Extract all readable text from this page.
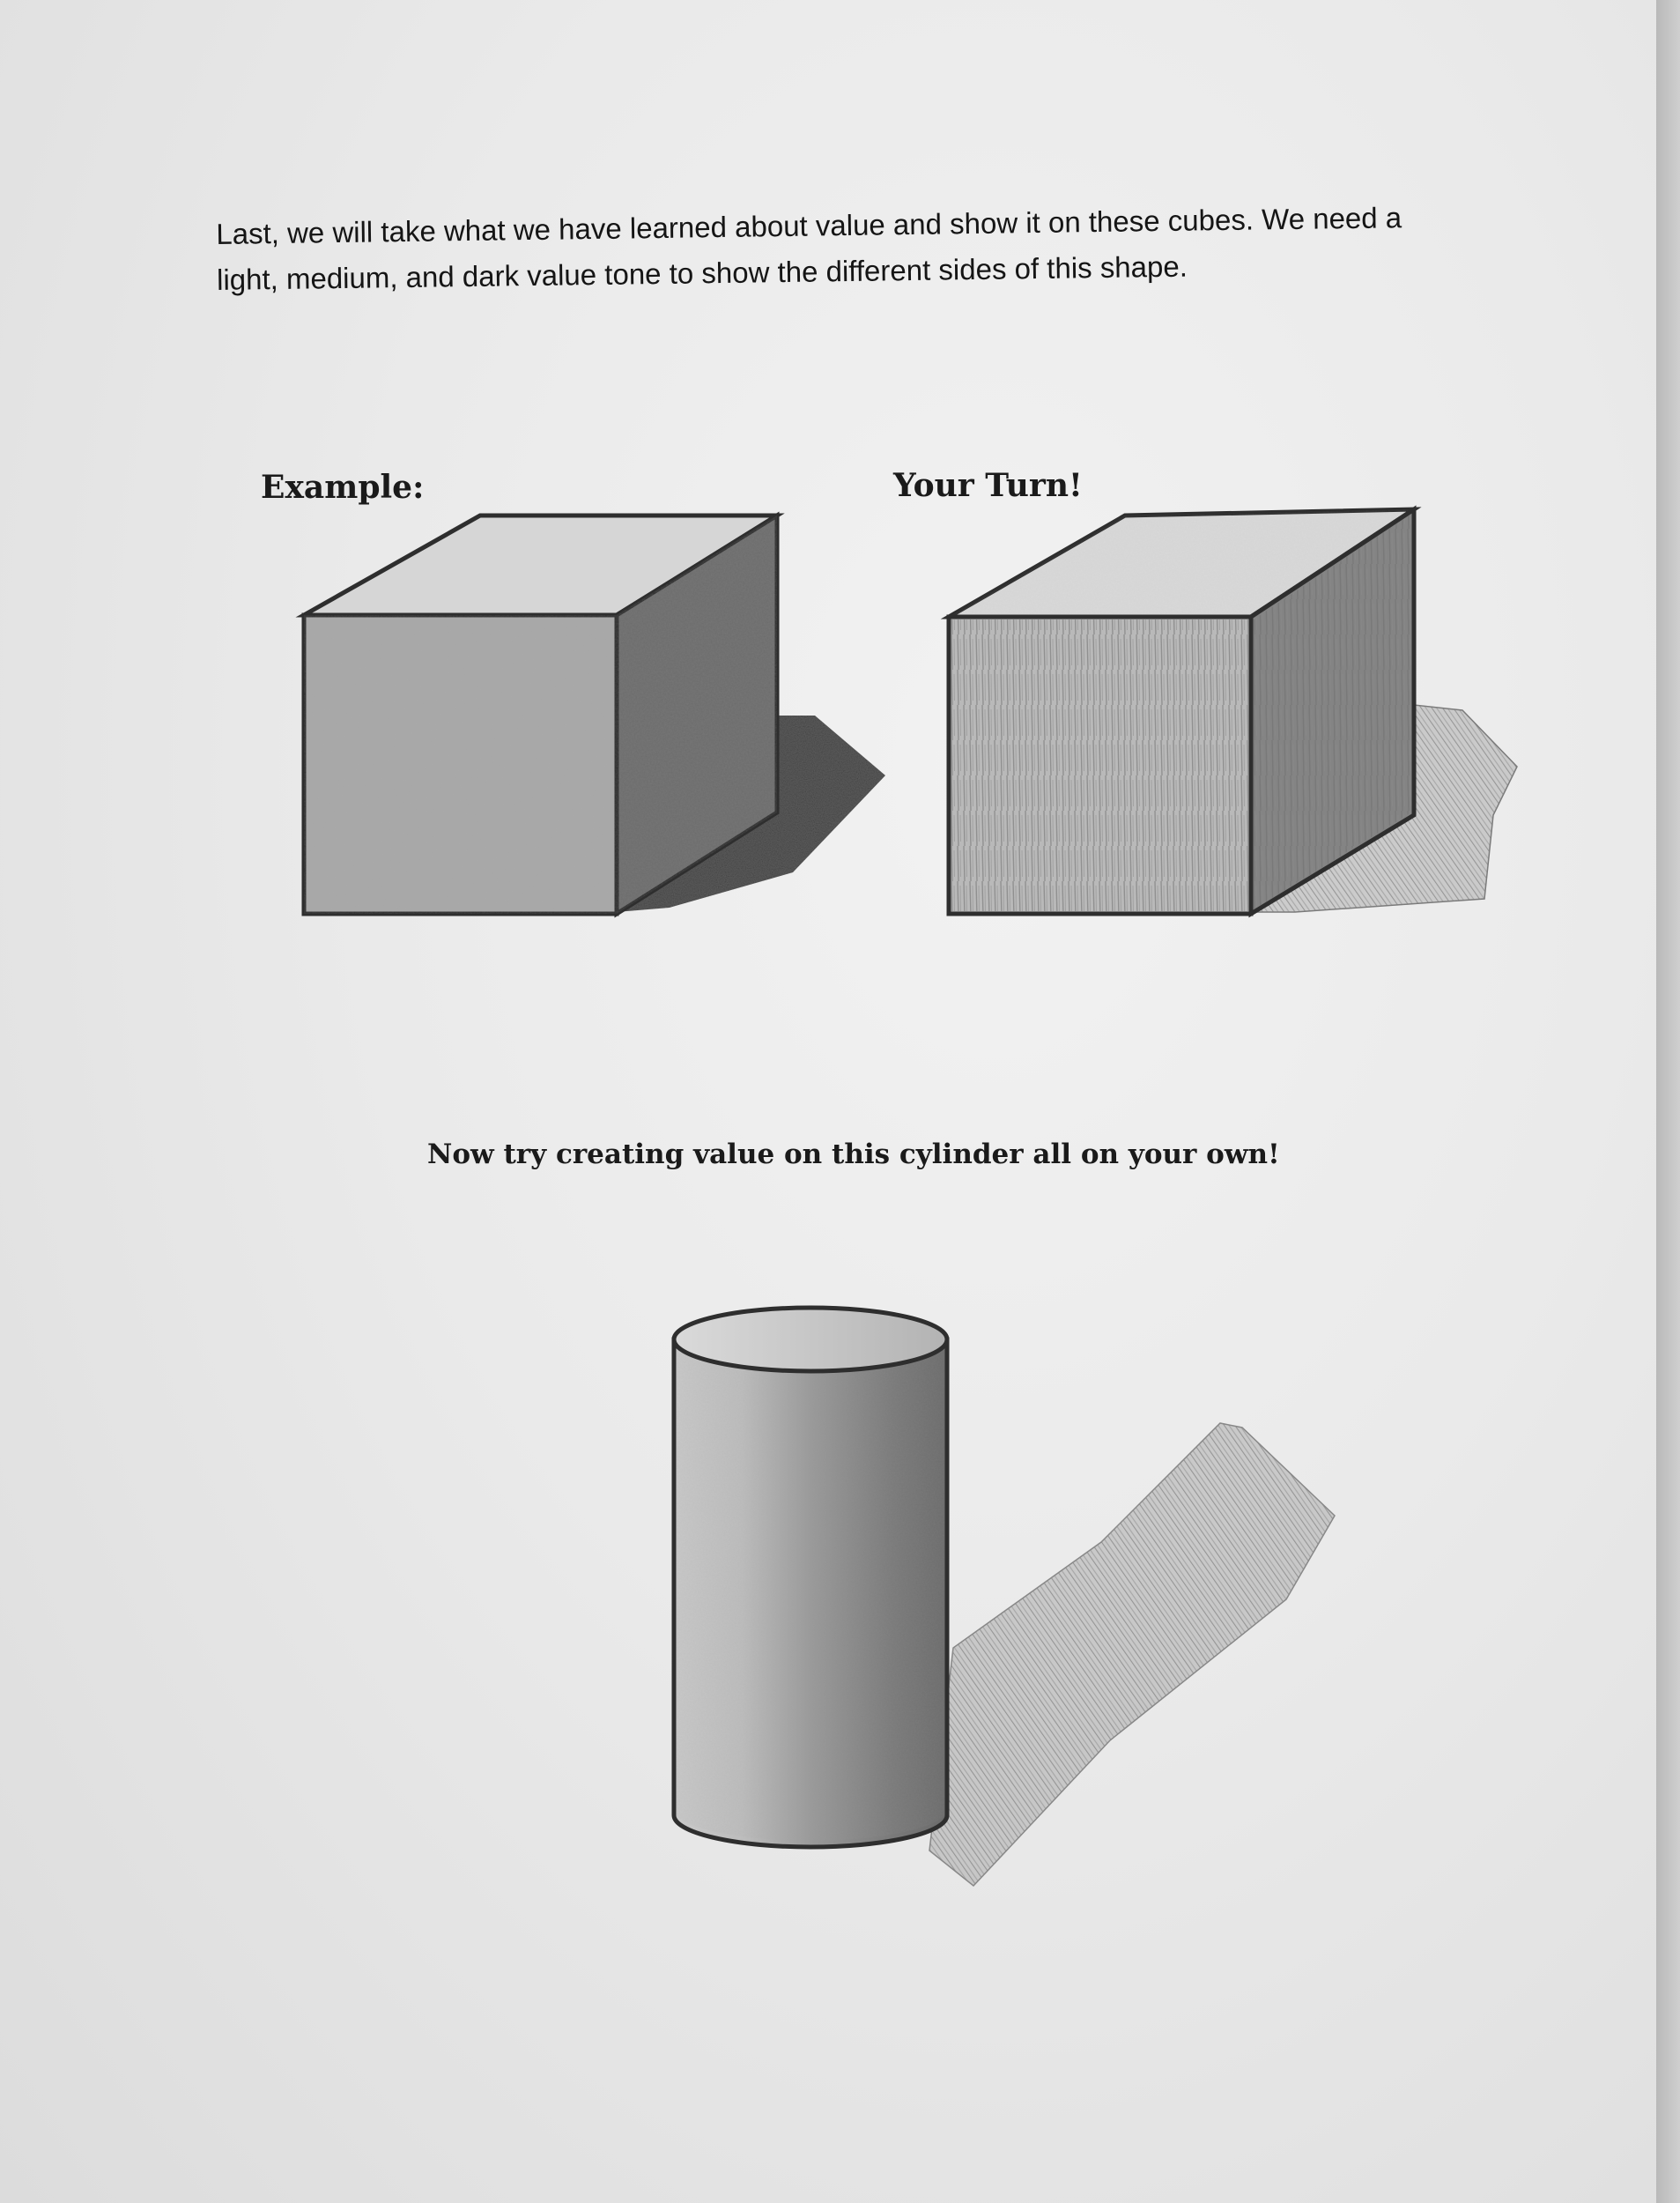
Last, we will take what we have learned about value and show it on these cubes. We need a light, medium, and dark value tone to show the different sides of this shape.

Example:	Your Turn!

Now try creating value on this cylinder all on your own!
